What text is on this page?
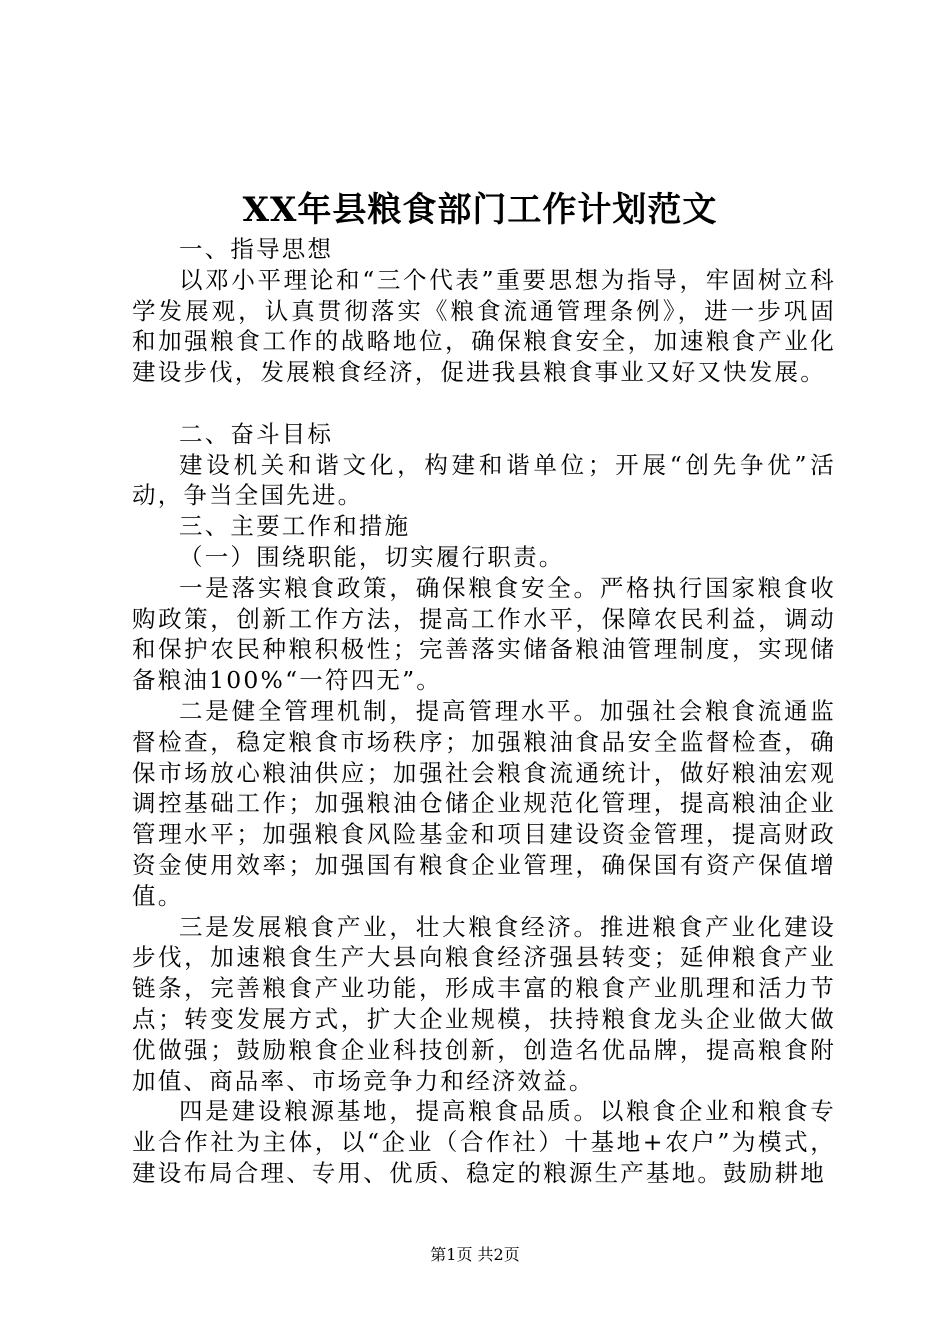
XX年县粮食部门工作计划范文

一、指导思想

以邓小平理论和“三个代表”重要思想为指导，牢固树立科学发展观，认真贯彻落实《粮食流通管理条例》，进一步巩固和加强粮食工作的战略地位，确保粮食安全，加速粮食产业化建设步伐，发展粮食经济，促进我县粮食事业又好又快发展。

二、奋斗目标

建设机关和谐文化，构建和谐单位；开展“创先争优”活动，争当全国先进。

三、主要工作和措施

（一）围绕职能，切实履行职责。

一是落实粮食政策，确保粮食安全。严格执行国家粮食收购政策，创新工作方法，提高工作水平，保障农民利益，调动和保护农民种粮积极性；完善落实储备粮油管理制度，实现储备粮油100%“一符四无”。

二是健全管理机制，提高管理水平。加强社会粮食流通监督检查，稳定粮食市场秩序；加强粮油食品安全监督检查，确保市场放心粮油供应；加强社会粮食流通统计，做好粮油宏观调控基础工作；加强粮油仓储企业规范化管理，提高粮油企业管理水平；加强粮食风险基金和项目建设资金管理，提高财政资金使用效率；加强国有粮食企业管理，确保国有资产保值增值。

三是发展粮食产业，壮大粮食经济。推进粮食产业化建设步伐，加速粮食生产大县向粮食经济强县转变；延伸粮食产业链条，完善粮食产业功能，形成丰富的粮食产业肌理和活力节点；转变发展方式，扩大企业规模，扶持粮食龙头企业做大做优做强；鼓励粮食企业科技创新，创造名优品牌，提高粮食附加值、商品率、市场竞争力和经济效益。

四是建设粮源基地，提高粮食品质。以粮食企业和粮食专业合作社为主体，以“企业（合作社）十基地+农户”为模式，建设布局合理、专用、优质、稳定的粮源生产基地。鼓励耕地

第1页 共2页
